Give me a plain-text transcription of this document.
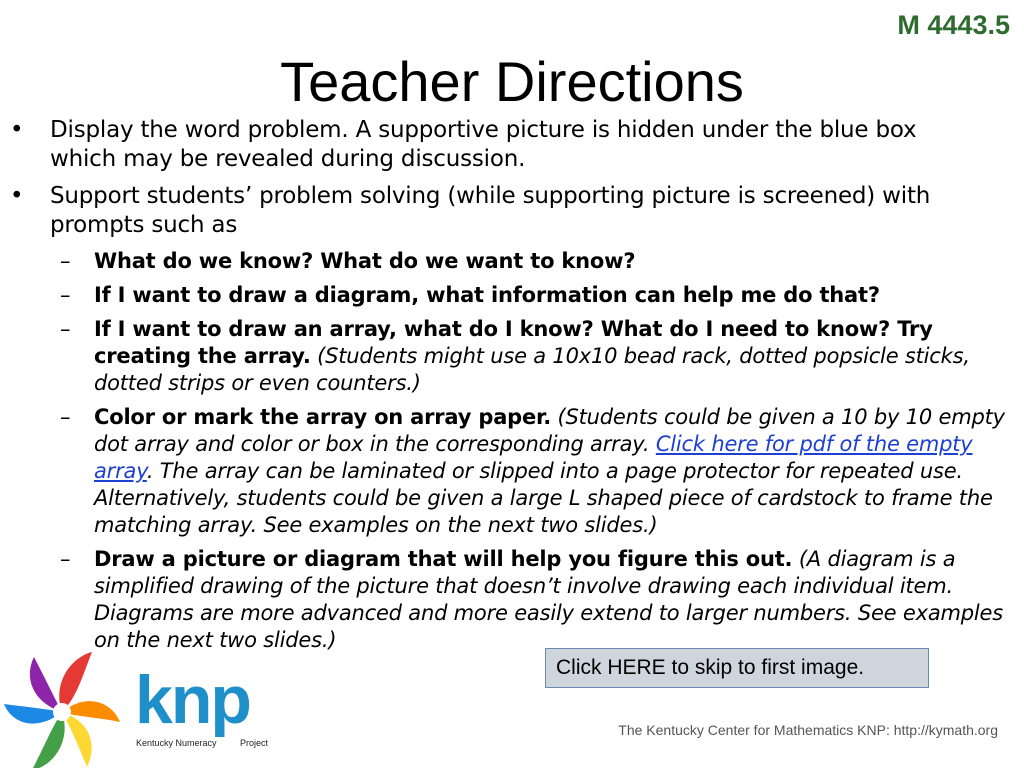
M 4443.5
Teacher Directions
• Display the word problem. A supportive picture is hidden under the blue box which may be revealed during discussion.
• Support students’ problem solving (while supporting picture is screened) with prompts such as
– What do we know? What do we want to know?
– If I want to draw a diagram, what information can help me do that?
– If I want to draw an array, what do I know? What do I need to know? Try creating the array. (Students might use a 10x10 bead rack, dotted popsicle sticks, dotted strips or even counters.)
– Color or mark the array on array paper. (Students could be given a 10 by 10 empty dot array and color or box in the corresponding array. Click here for pdf of the empty array. The array can be laminated or slipped into a page protector for repeated use. Alternatively, students could be given a large L shaped piece of cardstock to frame the matching array. See examples on the next two slides.)
– Draw a picture or diagram that will help you figure this out. (A diagram is a simplified drawing of the picture that doesn’t involve drawing each individual item. Diagrams are more advanced and more easily extend to larger numbers. See examples on the next two slides.)
Click HERE to skip to first image.
knp
Kentucky Numeracy	Project
The Kentucky Center for Mathematics KNP: http://kymath.org
